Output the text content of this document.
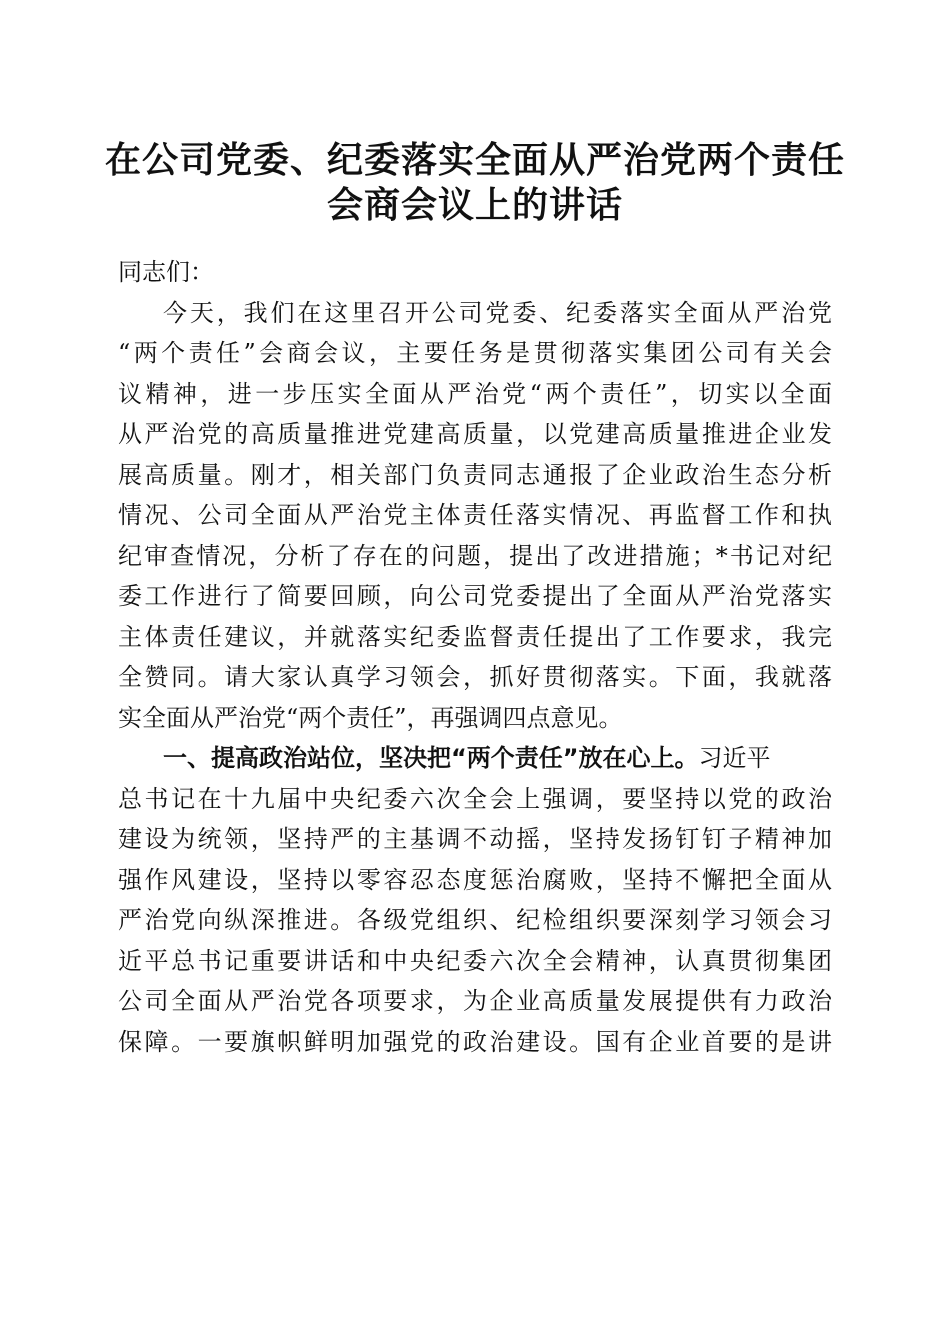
在公司党委、纪委落实全面从严治党两个责任
会商会议上的讲话
同志们：
今天，我们在这里召开公司党委、纪委落实全面从严治党
“两个责任”会商会议，主要任务是贯彻落实集团公司有关会
议精神，进一步压实全面从严治党“两个责任”，切实以全面
从严治党的高质量推进党建高质量，以党建高质量推进企业发
展高质量。刚才，相关部门负责同志通报了企业政治生态分析
情况、公司全面从严治党主体责任落实情况、再监督工作和执
纪审查情况，分析了存在的问题，提出了改进措施；*书记对纪
委工作进行了简要回顾，向公司党委提出了全面从严治党落实
主体责任建议，并就落实纪委监督责任提出了工作要求，我完
全赞同。请大家认真学习领会，抓好贯彻落实。下面，我就落
实全面从严治党“两个责任”，再强调四点意见。
一、提高政治站位，坚决把“两个责任”放在心上。习近平
总书记在十九届中央纪委六次全会上强调，要坚持以党的政治
建设为统领，坚持严的主基调不动摇，坚持发扬钉钉子精神加
强作风建设，坚持以零容忍态度惩治腐败，坚持不懈把全面从
严治党向纵深推进。各级党组织、纪检组织要深刻学习领会习
近平总书记重要讲话和中央纪委六次全会精神，认真贯彻集团
公司全面从严治党各项要求，为企业高质量发展提供有力政治
保障。一要旗帜鲜明加强党的政治建设。国有企业首要的是讲
